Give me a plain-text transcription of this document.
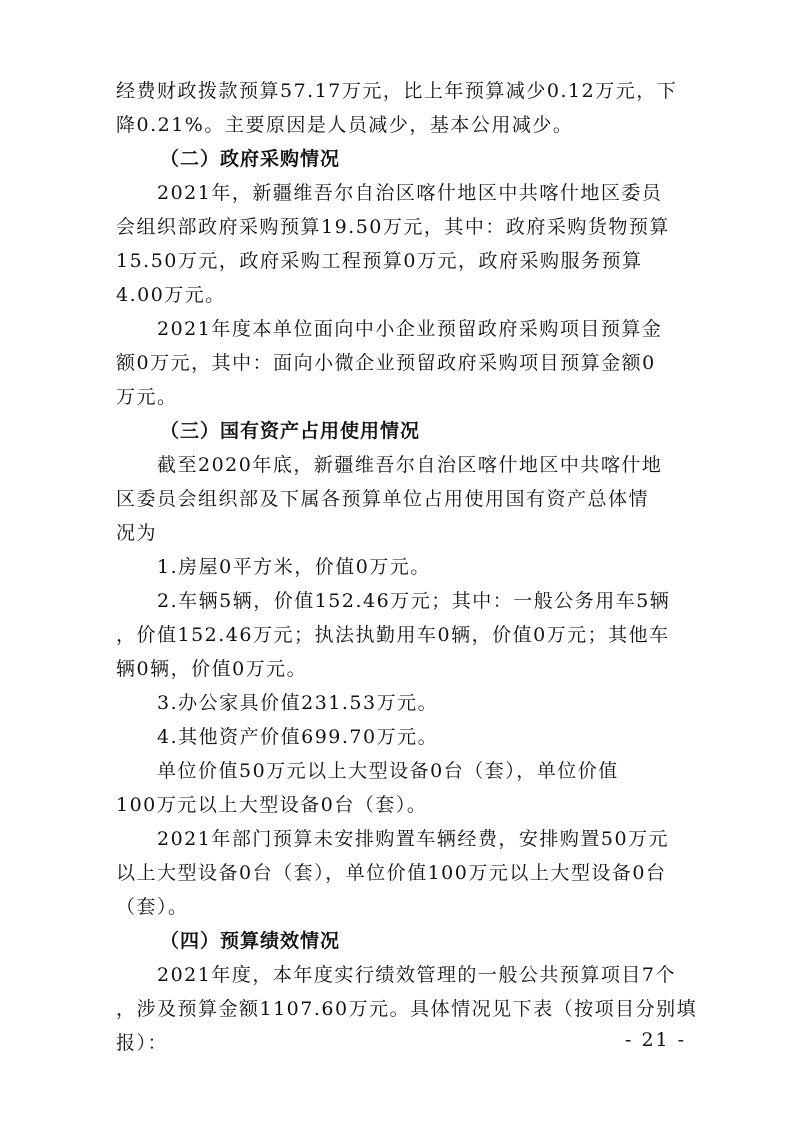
经费财政拨款预算57.17万元，比上年预算减少0.12万元，下
降0.21%。主要原因是人员减少，基本公用减少。
（二）政府采购情况
2021年，新疆维吾尔自治区喀什地区中共喀什地区委员
会组织部政府采购预算19.50万元，其中：政府采购货物预算
15.50万元，政府采购工程预算0万元，政府采购服务预算
4.00万元。
2021年度本单位面向中小企业预留政府采购项目预算金
额0万元，其中：面向小微企业预留政府采购项目预算金额0
万元。
（三）国有资产占用使用情况
截至2020年底，新疆维吾尔自治区喀什地区中共喀什地
区委员会组织部及下属各预算单位占用使用国有资产总体情
况为
1.房屋0平方米，价值0万元。
2.车辆5辆，价值152.46万元；其中：一般公务用车5辆
，价值152.46万元；执法执勤用车0辆，价值0万元；其他车
辆0辆，价值0万元。
3.办公家具价值231.53万元。
4.其他资产价值699.70万元。
单位价值50万元以上大型设备0台（套），单位价值
100万元以上大型设备0台（套）。
2021年部门预算未安排购置车辆经费，安排购置50万元
以上大型设备0台（套），单位价值100万元以上大型设备0台
（套）。
（四）预算绩效情况
2021年度，本年度实行绩效管理的一般公共预算项目7个
，涉及预算金额1107.60万元。具体情况见下表（按项目分别填
报）：	- 21 -
